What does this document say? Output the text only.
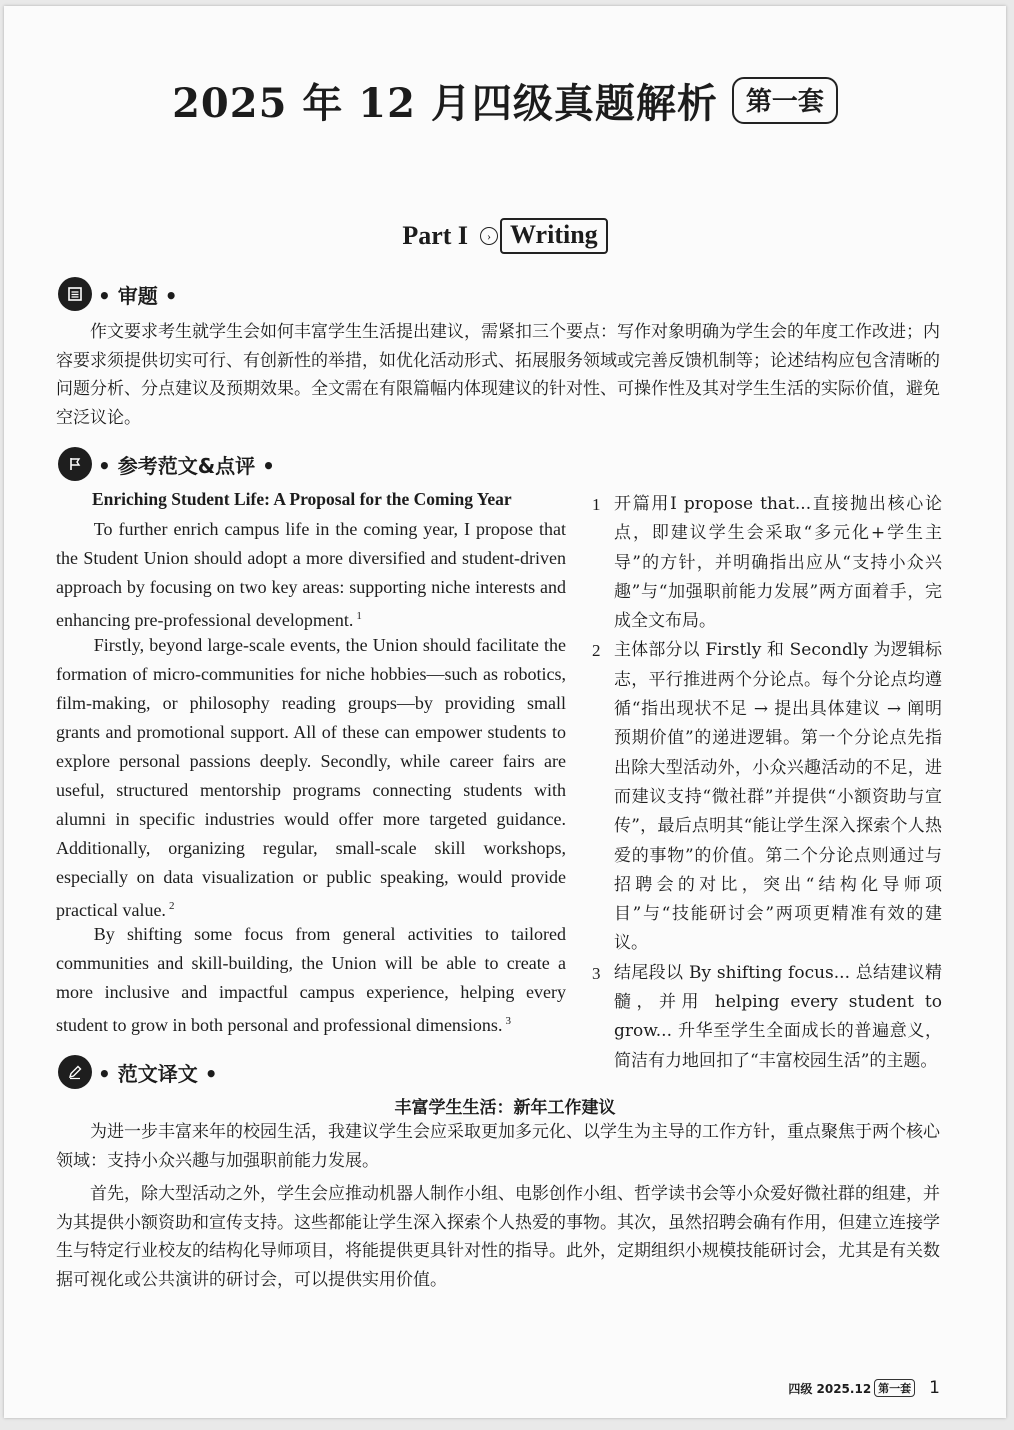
2025 年 12 月四级真题解析	第一套
Part I	› Writing
• 审题 •
作文要求考生就学生会如何丰富学生生活提出建议，需紧扣三个要点：写作对象明确为学生会的年度工作改进；内容要求须提供切实可行、有创新性的举措，如优化活动形式、拓展服务领域或完善反馈机制等；论述结构应包含清晰的问题分析、分点建议及预期效果。全文需在有限篇幅内体现建议的针对性、可操作性及其对学生生活的实际价值，避免空泛议论。
• 参考范文&点评 •
Enriching Student Life: A Proposal for the Coming Year
To further enrich campus life in the coming year, I propose that the Student Union should adopt a more diversified and student-driven approach by focusing on two key areas: supporting niche interests and enhancing pre-professional development. $^1$
Firstly, beyond large-scale events, the Union should facilitate the formation of micro-communities for niche hobbies—such as robotics, film-making, or philosophy reading groups—by providing small grants and promotional support. All of these can empower students to explore personal passions deeply. Secondly, while career fairs are useful, structured mentorship programs connecting students with alumni in specific industries would offer more targeted guidance. Additionally, organizing regular, small-scale skill workshops, especially on data visualization or public speaking, would provide practical value. $^2$
By shifting some focus from general activities to tailored communities and skill-building, the Union will be able to create a more inclusive and impactful campus experience, helping every student to grow in both personal and professional dimensions. $^3$
1 开篇用I propose that...直接抛出核心论点，即建议学生会采取“多元化+学生主导”的方针，并明确指出应从“支持小众兴趣”与“加强职前能力发展”两方面着手，完成全文布局。
2 主体部分以 Firstly 和 Secondly 为逻辑标志，平行推进两个分论点。每个分论点均遵循“指出现状不足 → 提出具体建议 → 阐明预期价值”的递进逻辑。第一个分论点先指出除大型活动外，小众兴趣活动的不足，进而建议支持“微社群”并提供“小额资助与宣传”，最后点明其“能让学生深入探索个人热爱的事物”的价值。第二个分论点则通过与招聘会的对比，突出“结构化导师项目”与“技能研讨会”两项更精准有效的建议。
3 结尾段以 By shifting focus... 总结建议精髓，并用 helping every student to grow... 升华至学生全面成长的普遍意义，简洁有力地回扣了“丰富校园生活”的主题。
• 范文译文 •
丰富学生生活：新年工作建议
为进一步丰富来年的校园生活，我建议学生会应采取更加多元化、以学生为主导的工作方针，重点聚焦于两个核心领域：支持小众兴趣与加强职前能力发展。
首先，除大型活动之外，学生会应推动机器人制作小组、电影创作小组、哲学读书会等小众爱好微社群的组建，并为其提供小额资助和宣传支持。这些都能让学生深入探索个人热爱的事物。其次，虽然招聘会确有作用，但建立连接学生与特定行业校友的结构化导师项目，将能提供更具针对性的指导。此外，定期组织小规模技能研讨会，尤其是有关数据可视化或公共演讲的研讨会，可以提供实用价值。
四级 2025.12 第一套 1
